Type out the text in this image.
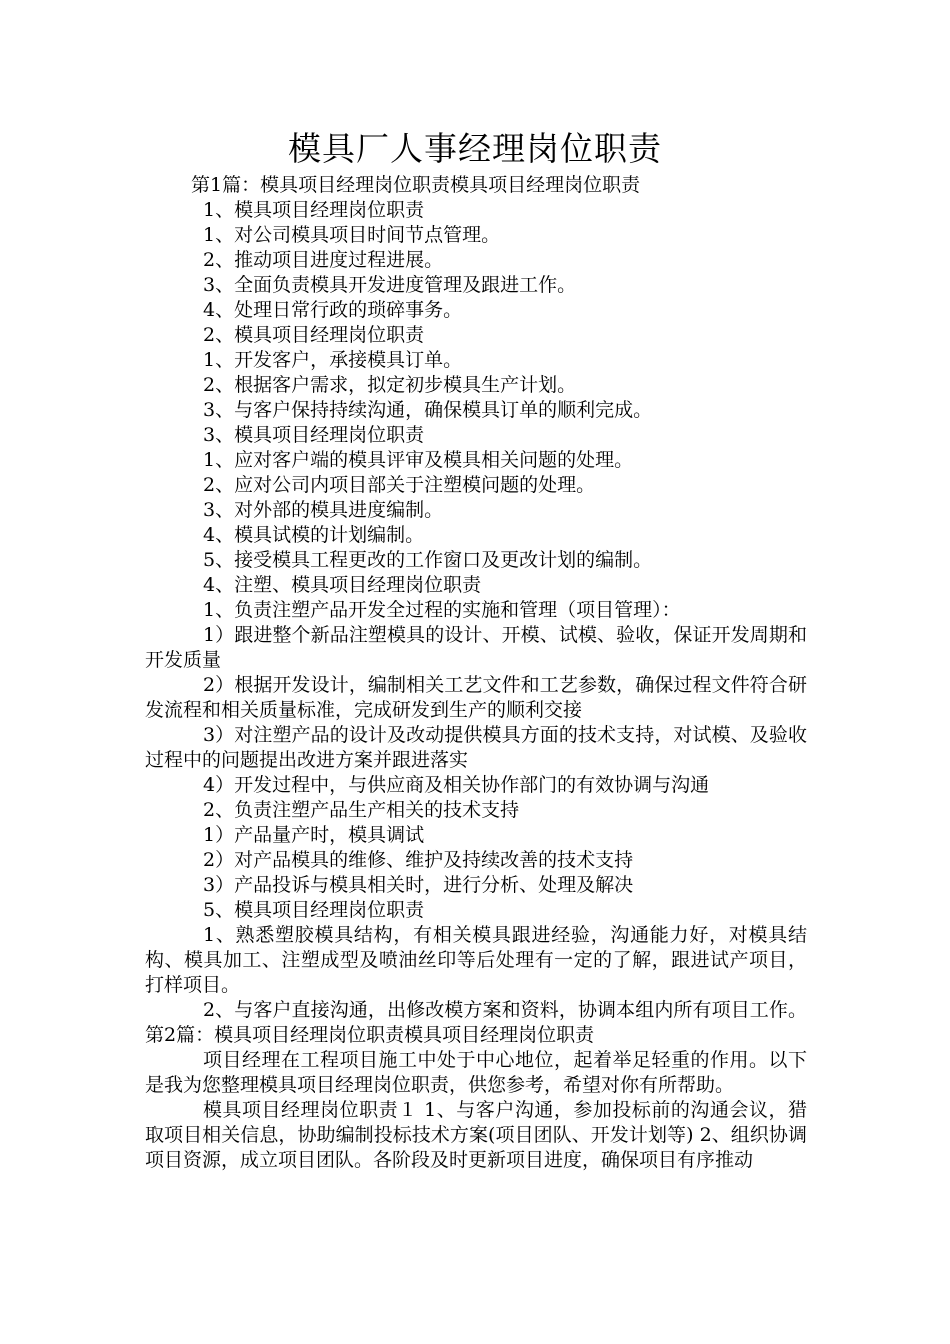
模具厂人事经理岗位职责

第1篇：模具项目经理岗位职责模具项目经理岗位职责

1、模具项目经理岗位职责

1、对公司模具项目时间节点管理。

2、推动项目进度过程进展。

3、全面负责模具开发进度管理及跟进工作。

4、处理日常行政的琐碎事务。

2、模具项目经理岗位职责

1、开发客户，承接模具订单。

2、根据客户需求，拟定初步模具生产计划。

3、与客户保持持续沟通，确保模具订单的顺利完成。

3、模具项目经理岗位职责

1、应对客户端的模具评审及模具相关问题的处理。

2、应对公司内项目部关于注塑模问题的处理。

3、对外部的模具进度编制。

4、模具试模的计划编制。

5、接受模具工程更改的工作窗口及更改计划的编制。

4、注塑、模具项目经理岗位职责

1、负责注塑产品开发全过程的实施和管理（项目管理）：

1）跟进整个新品注塑模具的设计、开模、试模、验收，保证开发周期和开发质量

2）根据开发设计，编制相关工艺文件和工艺参数，确保过程文件符合研发流程和相关质量标准，完成研发到生产的顺利交接

3）对注塑产品的设计及改动提供模具方面的技术支持，对试模、及验收过程中的问题提出改进方案并跟进落实

4）开发过程中，与供应商及相关协作部门的有效协调与沟通

2、负责注塑产品生产相关的技术支持

1）产品量产时，模具调试

2）对产品模具的维修、维护及持续改善的技术支持

3）产品投诉与模具相关时，进行分析、处理及解决

5、模具项目经理岗位职责

1、熟悉塑胶模具结构，有相关模具跟进经验，沟通能力好，对模具结构、模具加工、注塑成型及喷油丝印等后处理有一定的了解，跟进试产项目，打样项目。

2、与客户直接沟通，出修改模方案和资料，协调本组内所有项目工作。第2篇：模具项目经理岗位职责模具项目经理岗位职责

项目经理在工程项目施工中处于中心地位，起着举足轻重的作用。以下是我为您整理模具项目经理岗位职责，供您参考，希望对你有所帮助。

模具项目经理岗位职责１ 1、与客户沟通，参加投标前的沟通会议，猎取项目相关信息，协助编制投标技术方案(项目团队、开发计划等) 2、组织协调项目资源，成立项目团队。各阶段及时更新项目进度，确保项目有序推动
